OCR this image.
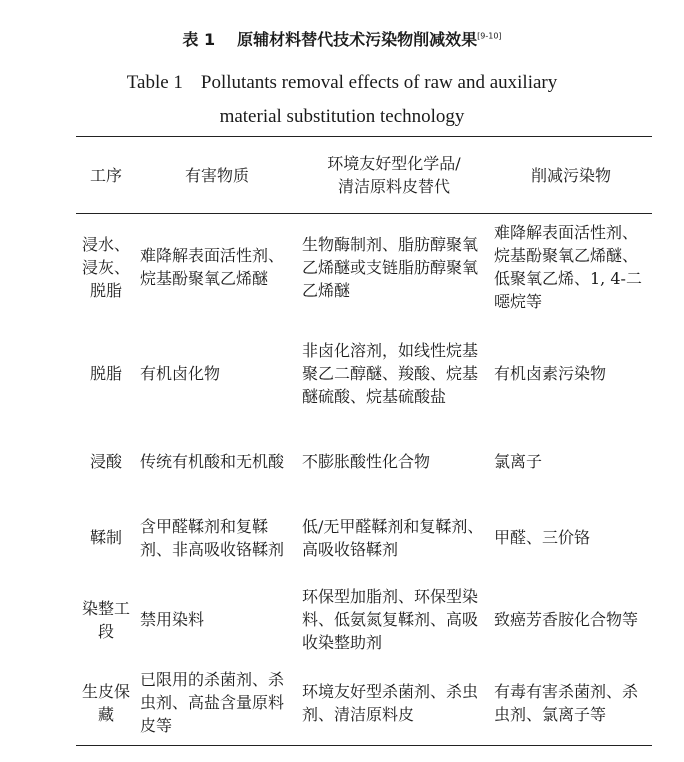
表 1 原辅材料替代技术污染物削减效果[9-10]
Table 1 Pollutants removal effects of raw and auxiliary
material substitution technology
工序	有害物质	环境友好型化学品/清洁原料皮替代	削减污染物
浸水、浸灰、脱脂	难降解表面活性剂、烷基酚聚氧乙烯醚	生物酶制剂、脂肪醇聚氧乙烯醚或支链脂肪醇聚氧乙烯醚	难降解表面活性剂、烷基酚聚氧乙烯醚、低聚氧乙烯、1, 4-二噁烷等
脱脂	有机卤化物	非卤化溶剂，如线性烷基聚乙二醇醚、羧酸、烷基醚硫酸、烷基硫酸盐	有机卤素污染物
浸酸	传统有机酸和无机酸	不膨胀酸性化合物	氯离子
鞣制	含甲醛鞣剂和复鞣剂、非高吸收铬鞣剂	低/无甲醛鞣剂和复鞣剂、高吸收铬鞣剂	甲醛、三价铬
染整工段	禁用染料	环保型加脂剂、环保型染料、低氨氮复鞣剂、高吸收染整助剂	致癌芳香胺化合物等
生皮保藏	已限用的杀菌剂、杀虫剂、高盐含量原料皮等	环境友好型杀菌剂、杀虫剂、清洁原料皮	有毒有害杀菌剂、杀虫剂、氯离子等
